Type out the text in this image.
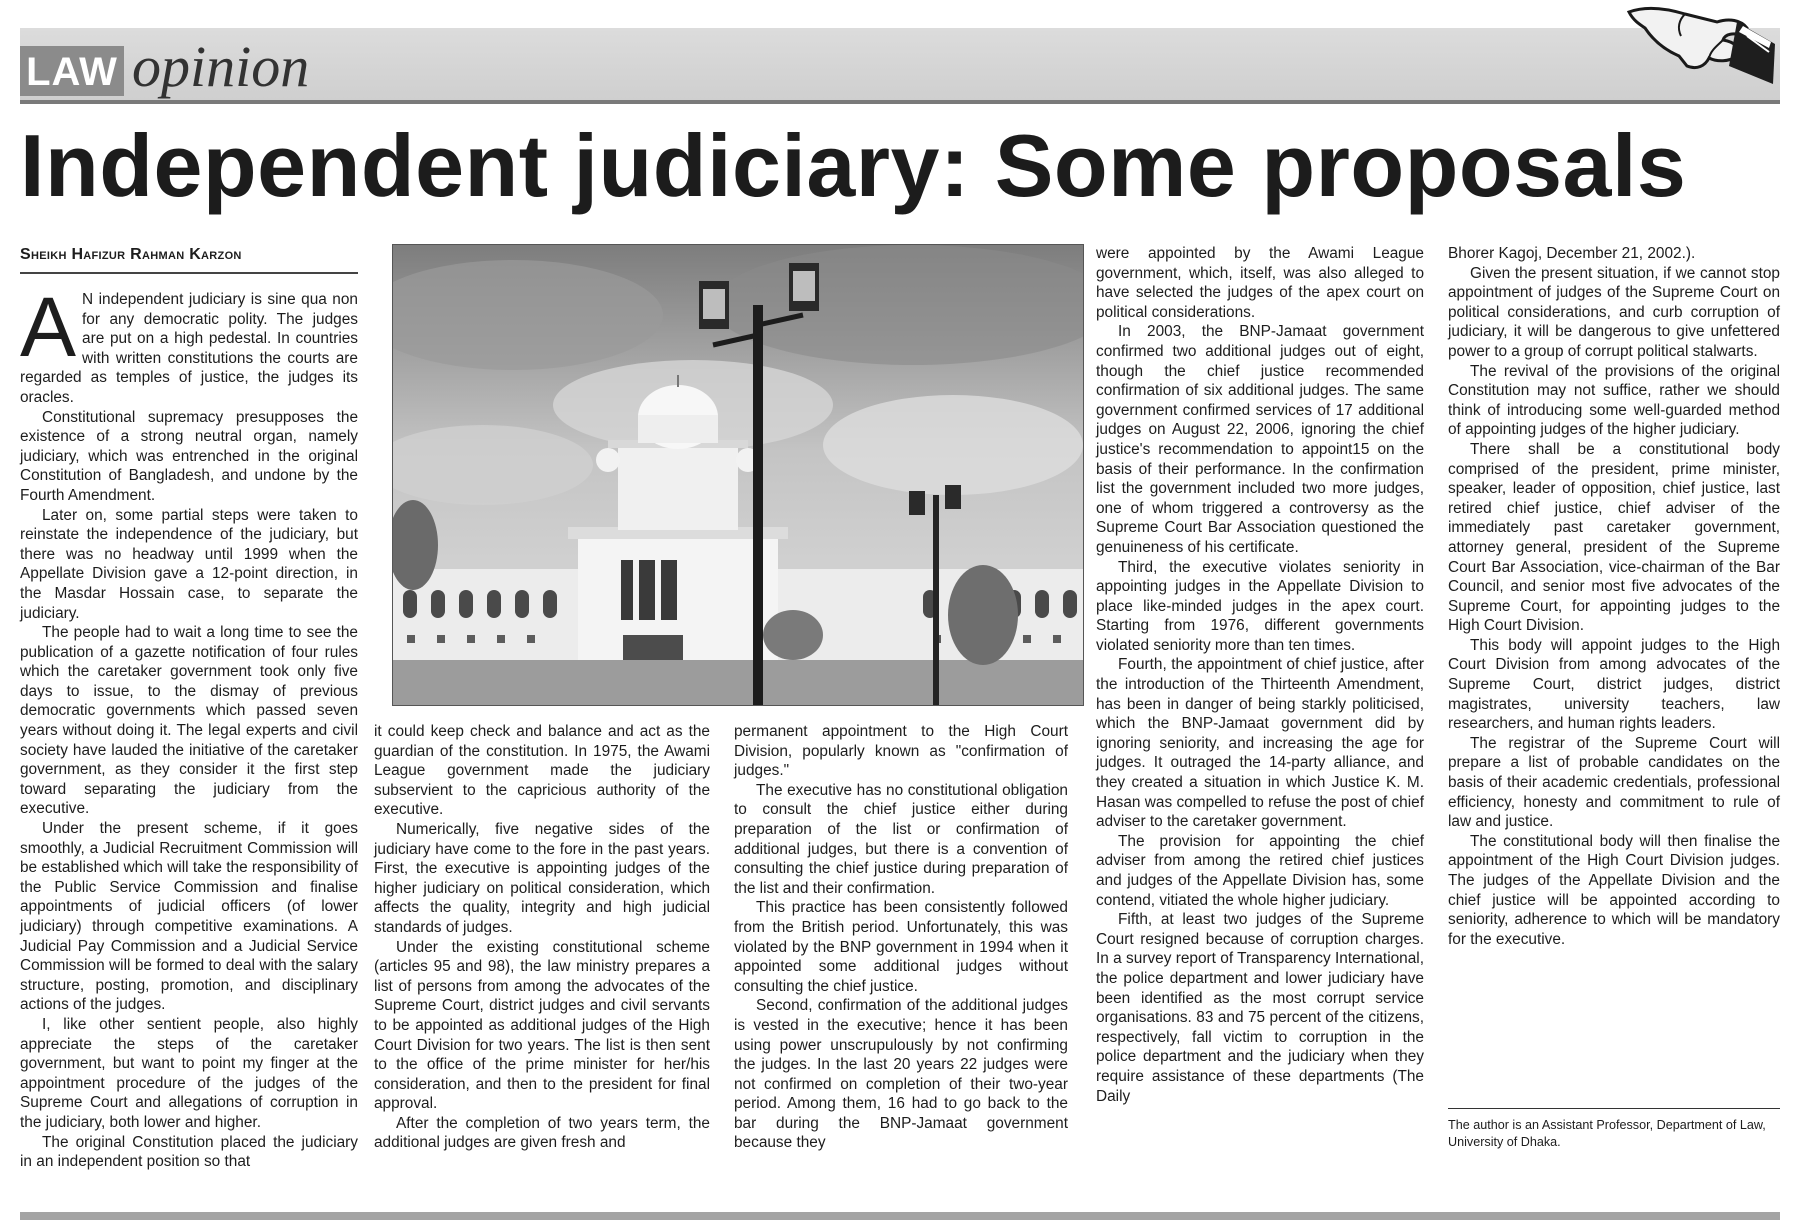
LAW opinion
Independent judiciary: Some proposals
Sheikh Hafizur Rahman Karzon

A N independent judiciary is sine qua non for any democratic polity. The judges are put on a high pedestal. In countries with written constitutions the courts are regarded as temples of justice, the judges its oracles.

Constitutional supremacy presupposes the existence of a strong neutral organ, namely judiciary, which was entrenched in the original Constitution of Bangladesh, and undone by the Fourth Amendment.

Later on, some partial steps were taken to reinstate the independence of the judiciary, but there was no headway until 1999 when the Appellate Division gave a 12-point direction, in the Masdar Hossain case, to separate the judiciary.

The people had to wait a long time to see the publication of a gazette notification of four rules which the caretaker government took only five days to issue, to the dismay of previous democratic governments which passed seven years without doing it. The legal experts and civil society have lauded the initiative of the caretaker government, as they consider it the first step toward separating the judiciary from the executive.

Under the present scheme, if it goes smoothly, a Judicial Recruitment Commission will be established which will take the responsibility of the Public Service Commission and finalise appointments of judicial officers (of lower judiciary) through competitive examinations. A Judicial Pay Commission and a Judicial Service Commission will be formed to deal with the salary structure, posting, promotion, and disciplinary actions of the judges.

I, like other sentient people, also highly appreciate the steps of the caretaker government, but want to point my finger at the appointment procedure of the judges of the Supreme Court and allegations of corruption in the judiciary, both lower and higher.

The original Constitution placed the judiciary in an independent position so that

it could keep check and balance and act as the guardian of the constitution. In 1975, the Awami League government made the judiciary subservient to the capricious authority of the executive.

Numerically, five negative sides of the judiciary have come to the fore in the past years. First, the executive is appointing judges of the higher judiciary on political consideration, which affects the quality, integrity and high judicial standards of judges.

Under the existing constitutional scheme (articles 95 and 98), the law ministry prepares a list of persons from among the advocates of the Supreme Court, district judges and civil servants to be appointed as additional judges of the High Court Division for two years. The list is then sent to the office of the prime minister for her/his consideration, and then to the president for final approval.

After the completion of two years term, the additional judges are given fresh and

permanent appointment to the High Court Division, popularly known as "confirmation of judges."

The executive has no constitutional obligation to consult the chief justice either during preparation of the list or confirmation of additional judges, but there is a convention of consulting the chief justice during preparation of the list and their confirmation.

This practice has been consistently followed from the British period. Unfortunately, this was violated by the BNP government in 1994 when it appointed some additional judges without consulting the chief justice.

Second, confirmation of the additional judges is vested in the executive; hence it has been using power unscrupulously by not confirming the judges. In the last 20 years 22 judges were not confirmed on completion of their two-year period. Among them, 16 had to go back to the bar during the BNP-Jamaat government because they

were appointed by the Awami League government, which, itself, was also alleged to have selected the judges of the apex court on political considerations.

In 2003, the BNP-Jamaat government confirmed two additional judges out of eight, though the chief justice recommended confirmation of six additional judges. The same government confirmed services of 17 additional judges on August 22, 2006, ignoring the chief justice's recommendation to appoint15 on the basis of their performance. In the confirmation list the government included two more judges, one of whom triggered a controversy as the Supreme Court Bar Association questioned the genuineness of his certificate.

Third, the executive violates seniority in appointing judges in the Appellate Division to place like-minded judges in the apex court. Starting from 1976, different governments violated seniority more than ten times.

Fourth, the appointment of chief justice, after the introduction of the Thirteenth Amendment, has been in danger of being starkly politicised, which the BNP-Jamaat government did by ignoring seniority, and increasing the age for judges. It outraged the 14-party alliance, and they created a situation in which Justice K. M. Hasan was compelled to refuse the post of chief adviser to the caretaker government.

The provision for appointing the chief adviser from among the retired chief justices and judges of the Appellate Division has, some contend, vitiated the whole higher judiciary.

Fifth, at least two judges of the Supreme Court resigned because of corruption charges. In a survey report of Transparency International, the police department and lower judiciary have been identified as the most corrupt service organisations. 83 and 75 percent of the citizens, respectively, fall victim to corruption in the police department and the judiciary when they require assistance of these departments (The Daily

Bhorer Kagoj, December 21, 2002.).

Given the present situation, if we cannot stop appointment of judges of the Supreme Court on political considerations, and curb corruption of judiciary, it will be dangerous to give unfettered power to a group of corrupt political stalwarts.

The revival of the provisions of the original Constitution may not suffice, rather we should think of introducing some well-guarded method of appointing judges of the higher judiciary.

There shall be a constitutional body comprised of the president, prime minister, speaker, leader of opposition, chief justice, last retired chief justice, chief adviser of the immediately past caretaker government, attorney general, president of the Supreme Court Bar Association, vice-chairman of the Bar Council, and senior most five advocates of the Supreme Court, for appointing judges to the High Court Division.

This body will appoint judges to the High Court Division from among advocates of the Supreme Court, district judges, district magistrates, university teachers, law researchers, and human rights leaders.

The registrar of the Supreme Court will prepare a list of probable candidates on the basis of their academic credentials, professional efficiency, honesty and commitment to rule of law and justice.

The constitutional body will then finalise the appointment of the High Court Division judges. The judges of the Appellate Division and the chief justice will be appointed according to seniority, adherence to which will be mandatory for the executive.

The author is an Assistant Professor, Department of Law, University of Dhaka.
